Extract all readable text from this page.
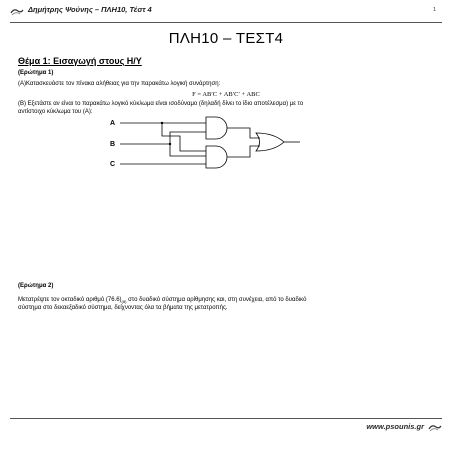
Δημήτρης Ψούνης – ΠΛΗ10, Τέστ 4	1
ΠΛΗ10 – ΤΕΣΤ4
Θέμα 1: Εισαγωγή στους Η/Υ
(Ερώτημα 1)
(Α)Κατασκευάστε τον πίνακα αλήθειας για την παρακάτω λογική συνάρτηση:
F = AB′C + AB′C′ + ABC
(Β) Εξετάστε αν είναι το παρακάτω λογικό κύκλωμα είναι ισοδύναμο (δηλαδή δίνει το ίδιο αποτέλεσμα) με το
αντίστοιχο κύκλωμα του (Α):
A
B
C
(Ερώτημα 2)
Μετατρέψτε τον οκταδικό αριθμό $(76.6)_{(8)}$ στο δυαδικό σύστημα αρίθμησης και, στη συνέχεια, από το δυαδικό
σύστημα στο δεκαεξαδικό σύστημα, δείχνοντας όλα τα βήματα της μετατροπής.
www.psounis.gr
